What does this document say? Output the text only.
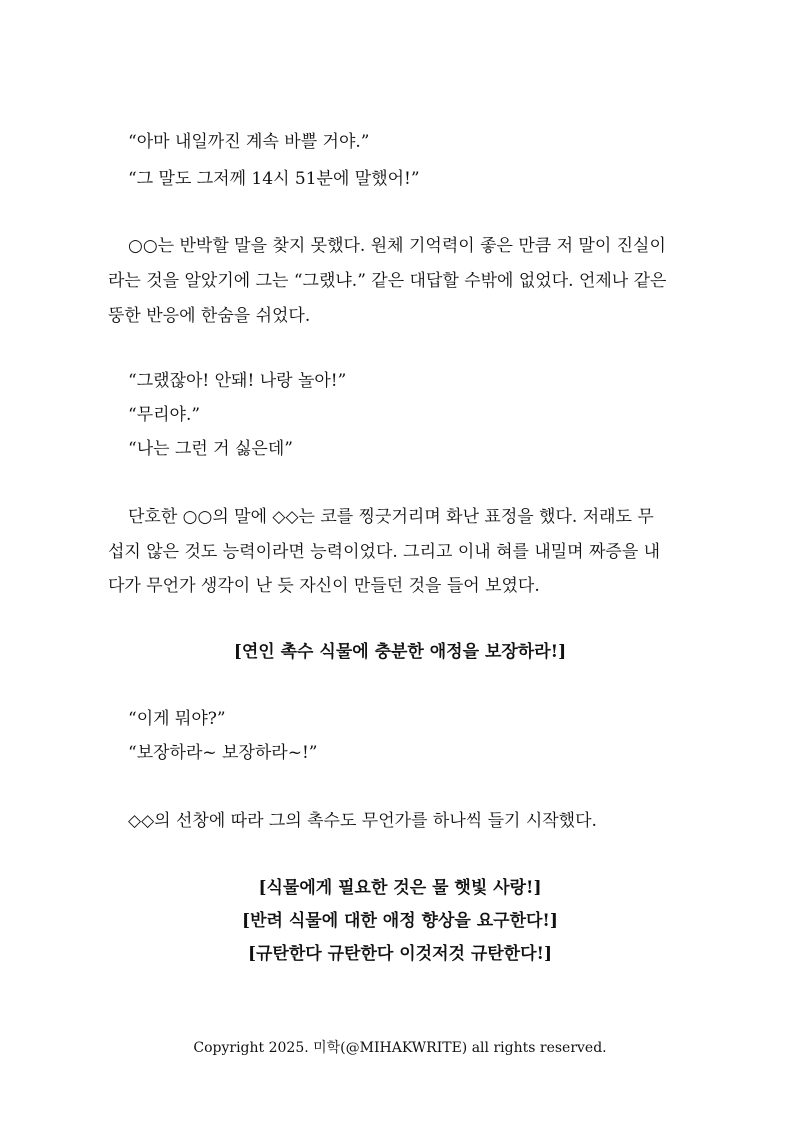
“아마 내일까진 계속 바쁠 거야.”
“그 말도 그저께 14시 51분에 말했어!”
○○는 반박할 말을 찾지 못했다. 원체 기억력이 좋은 만큼 저 말이 진실이
라는 것을 알았기에 그는 “그랬냐.” 같은 대답할 수밖에 없었다. 언제나 같은
뚱한 반응에 한숨을 쉬었다.
“그랬잖아! 안돼! 나랑 놀아!”
“무리야.”
“나는 그런 거 싫은데”
단호한 ○○의 말에 ◇◇는 코를 찡긋거리며 화난 표정을 했다. 저래도 무
섭지 않은 것도 능력이라면 능력이었다. 그리고 이내 혀를 내밀며 짜증을 내
다가 무언가 생각이 난 듯 자신이 만들던 것을 들어 보였다.
[연인 촉수 식물에 충분한 애정을 보장하라!]
“이게 뭐야?”
“보장하라~ 보장하라~!”
◇◇의 선창에 따라 그의 촉수도 무언가를 하나씩 들기 시작했다.
[식물에게 필요한 것은 물 햇빛 사랑!]
[반려 식물에 대한 애정 향상을 요구한다!]
[규탄한다 규탄한다 이것저것 규탄한다!]
Copyright 2025. 미학(@MIHAKWRITE) all rights reserved.
